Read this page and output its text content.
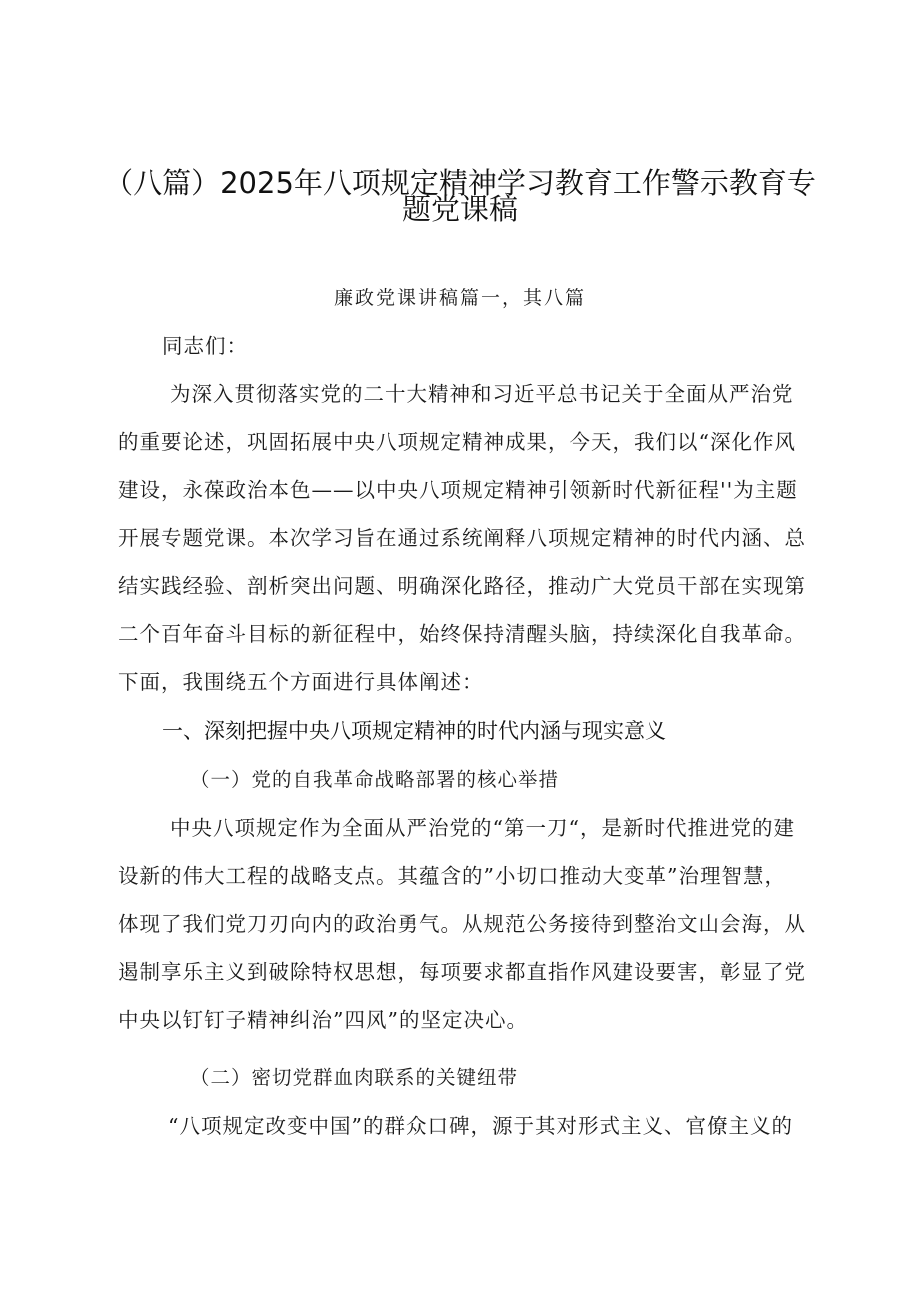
（八篇）2025年八项规定精神学习教育工作警示教育专
题党课稿
廉政党课讲稿篇一，其八篇
同志们：
为深入贯彻落实党的二十大精神和习近平总书记关于全面从严治党
的重要论述，巩固拓展中央八项规定精神成果，今天，我们以“深化作风
建设，永葆政治本色——以中央八项规定精神引领新时代新征程''为主题
开展专题党课。本次学习旨在通过系统阐释八项规定精神的时代内涵、总
结实践经验、剖析突出问题、明确深化路径，推动广大党员干部在实现第
二个百年奋斗目标的新征程中，始终保持清醒头脑，持续深化自我革命。
下面，我围绕五个方面进行具体阐述：
一、深刻把握中央八项规定精神的时代内涵与现实意义
（一）党的自我革命战略部署的核心举措
中央八项规定作为全面从严治党的“第一刀“，是新时代推进党的建
设新的伟大工程的战略支点。其蕴含的”小切口推动大变革”治理智慧，
体现了我们党刀刃向内的政治勇气。从规范公务接待到整治文山会海，从
遏制享乐主义到破除特权思想，每项要求都直指作风建设要害，彰显了党
中央以钉钉子精神纠治”四风”的坚定决心。
（二）密切党群血肉联系的关键纽带
“八项规定改变中国”的群众口碑，源于其对形式主义、官僚主义的
